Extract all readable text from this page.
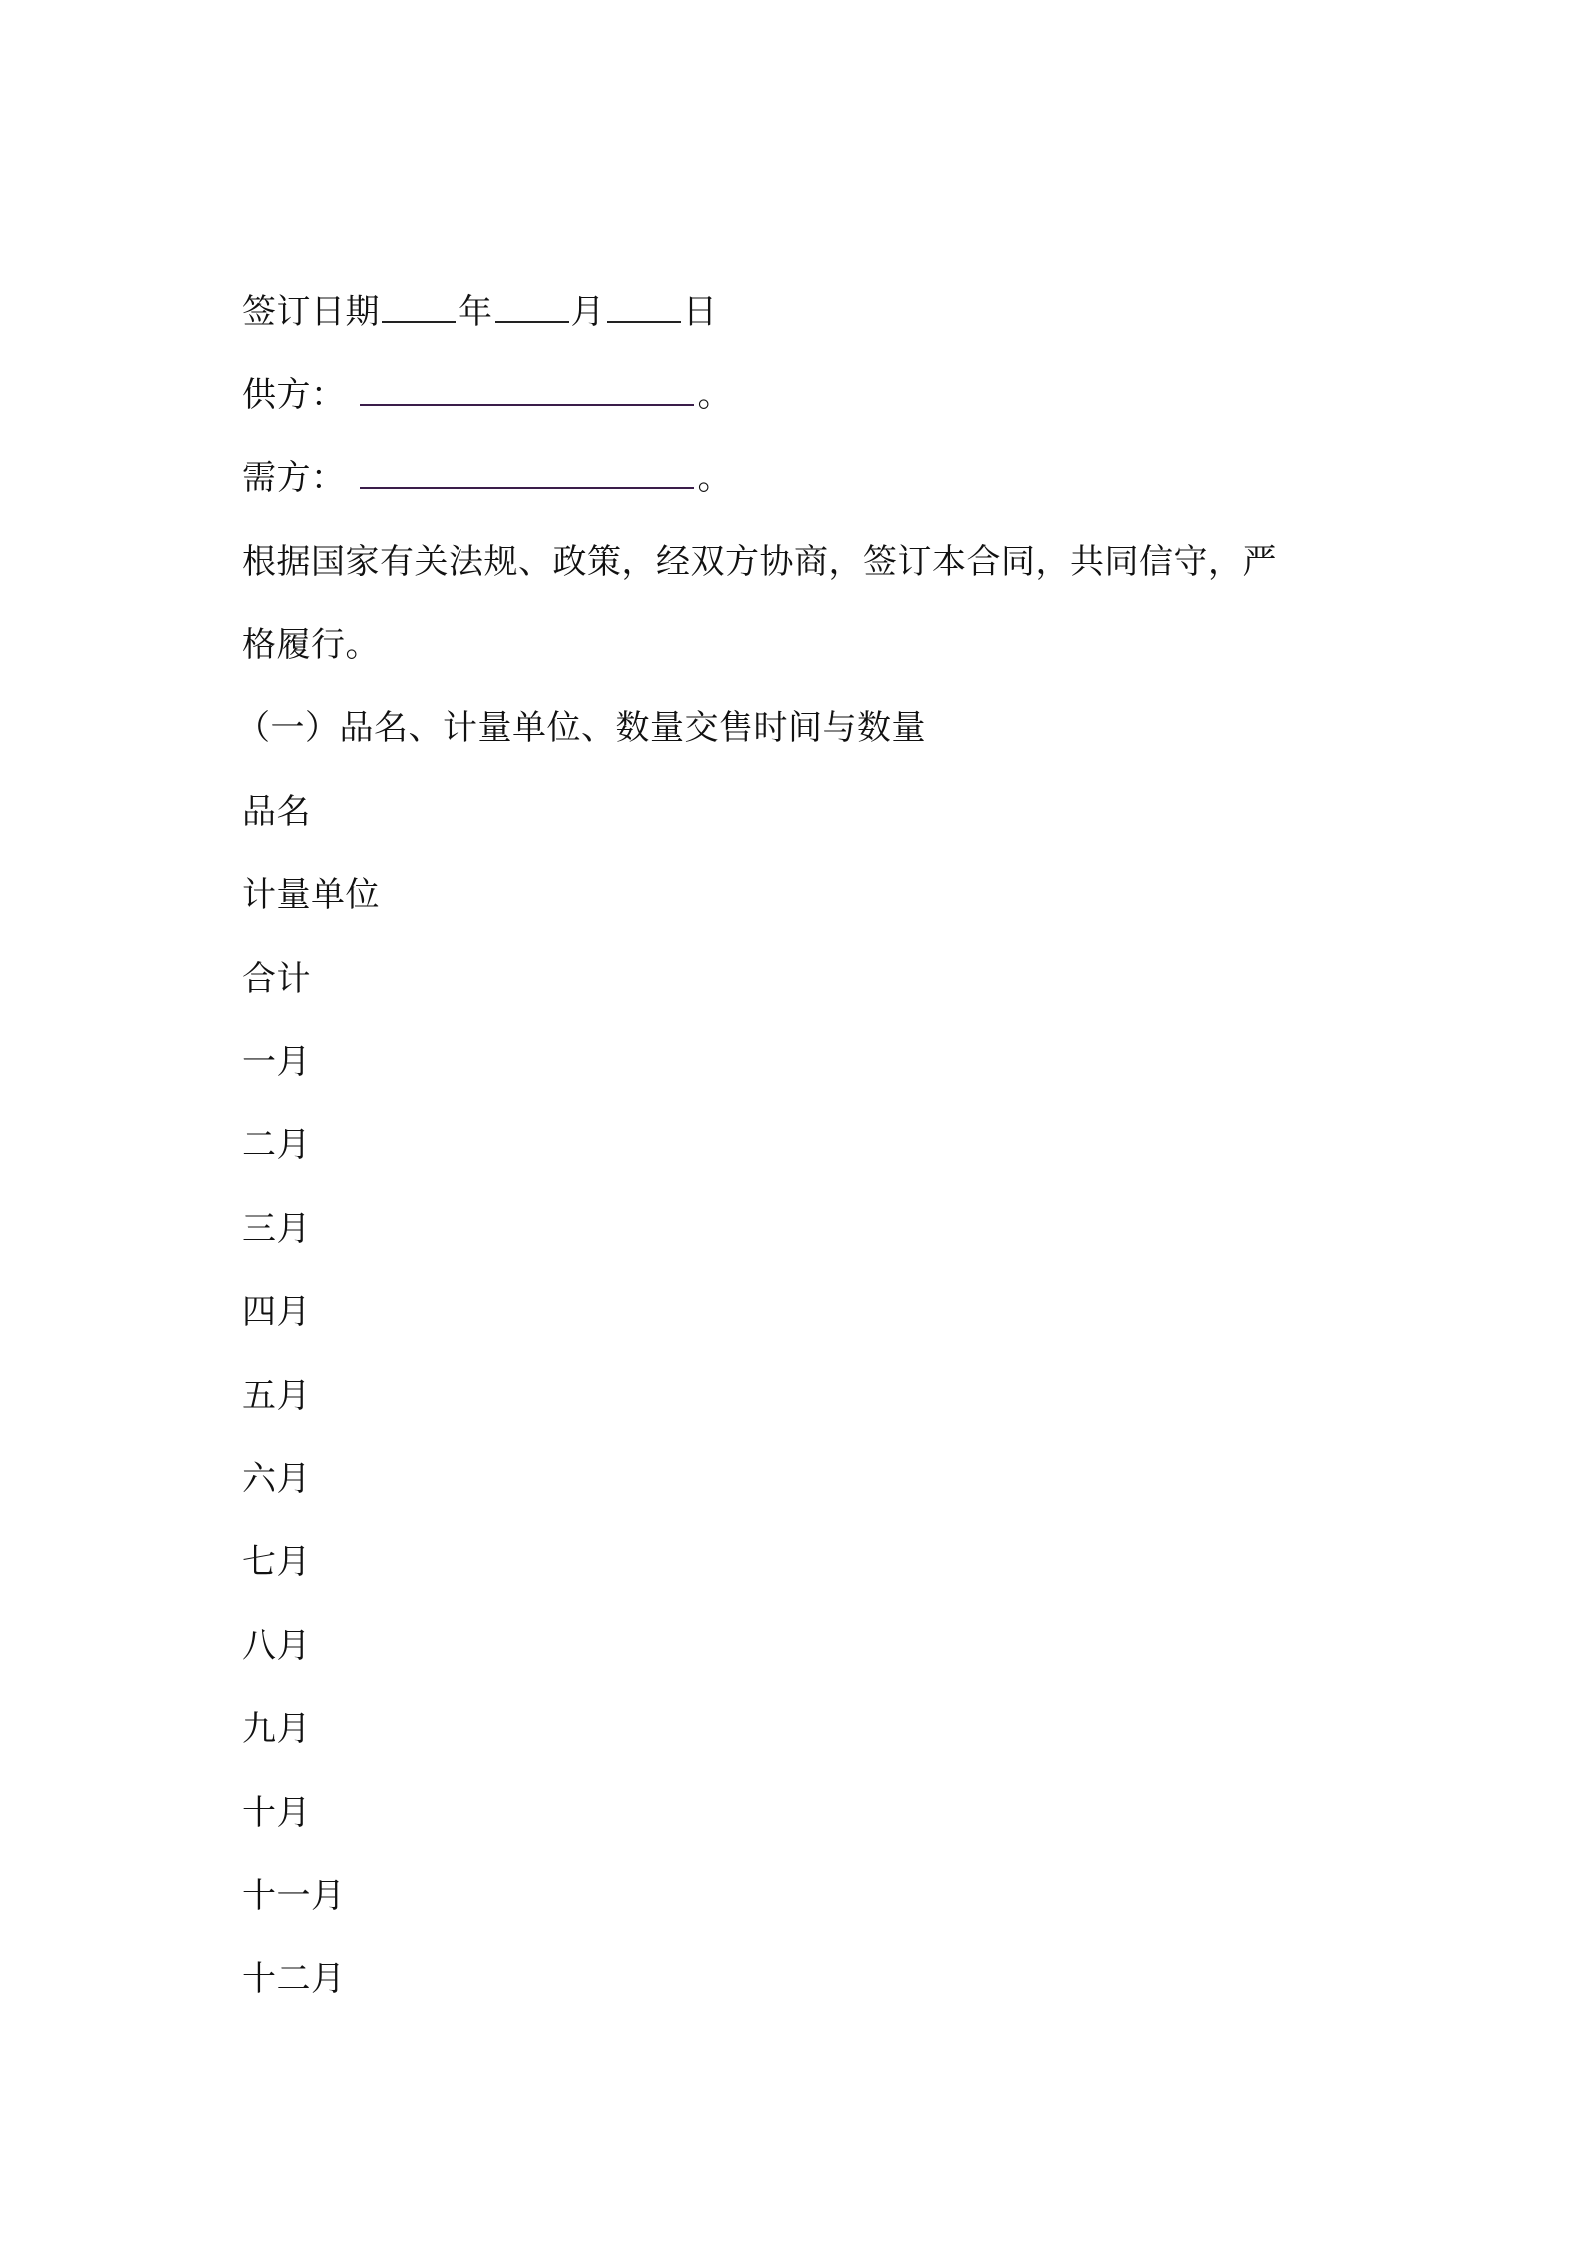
签订日期 年 月 日
供方：	。
需方：	。
根据国家有关法规、政策，经双方协商，签订本合同，共同信守，严
格履行。
（一）品名、计量单位、数量交售时间与数量
品名
计量单位
合计
一月
二月
三月
四月
五月
六月
七月
八月
九月
十月
十一月
十二月
